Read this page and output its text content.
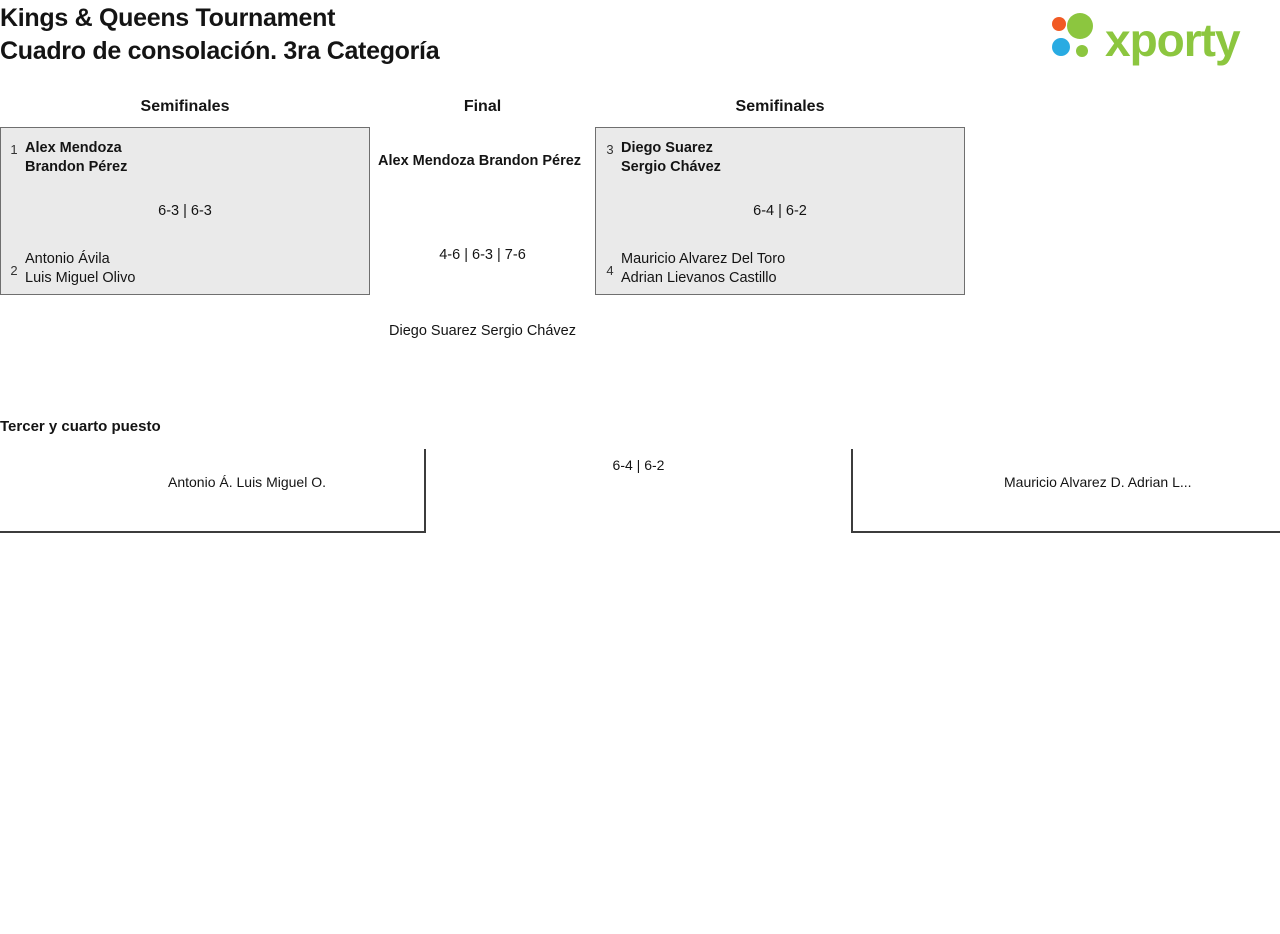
Kings & Queens Tournament
Cuadro de consolación. 3ra Categoría	xporty
Semifinales	Final	Semifinales
1 Alex Mendoza
Brandon Pérez
6-3 | 6-3
2
Antonio Ávila
Luis Miguel Olivo
3 Diego Suarez
Sergio Chávez
6-4 | 6-2
4
Mauricio Alvarez Del Toro
Adrian Lievanos Castillo
Alex Mendoza Brandon Pérez
4-6 | 6-3 | 7-6
Diego Suarez Sergio Chávez
Tercer y cuarto puesto
Antonio Á. Luis Miguel O.	Mauricio Alvarez D. Adrian L...
6-4 | 6-2
